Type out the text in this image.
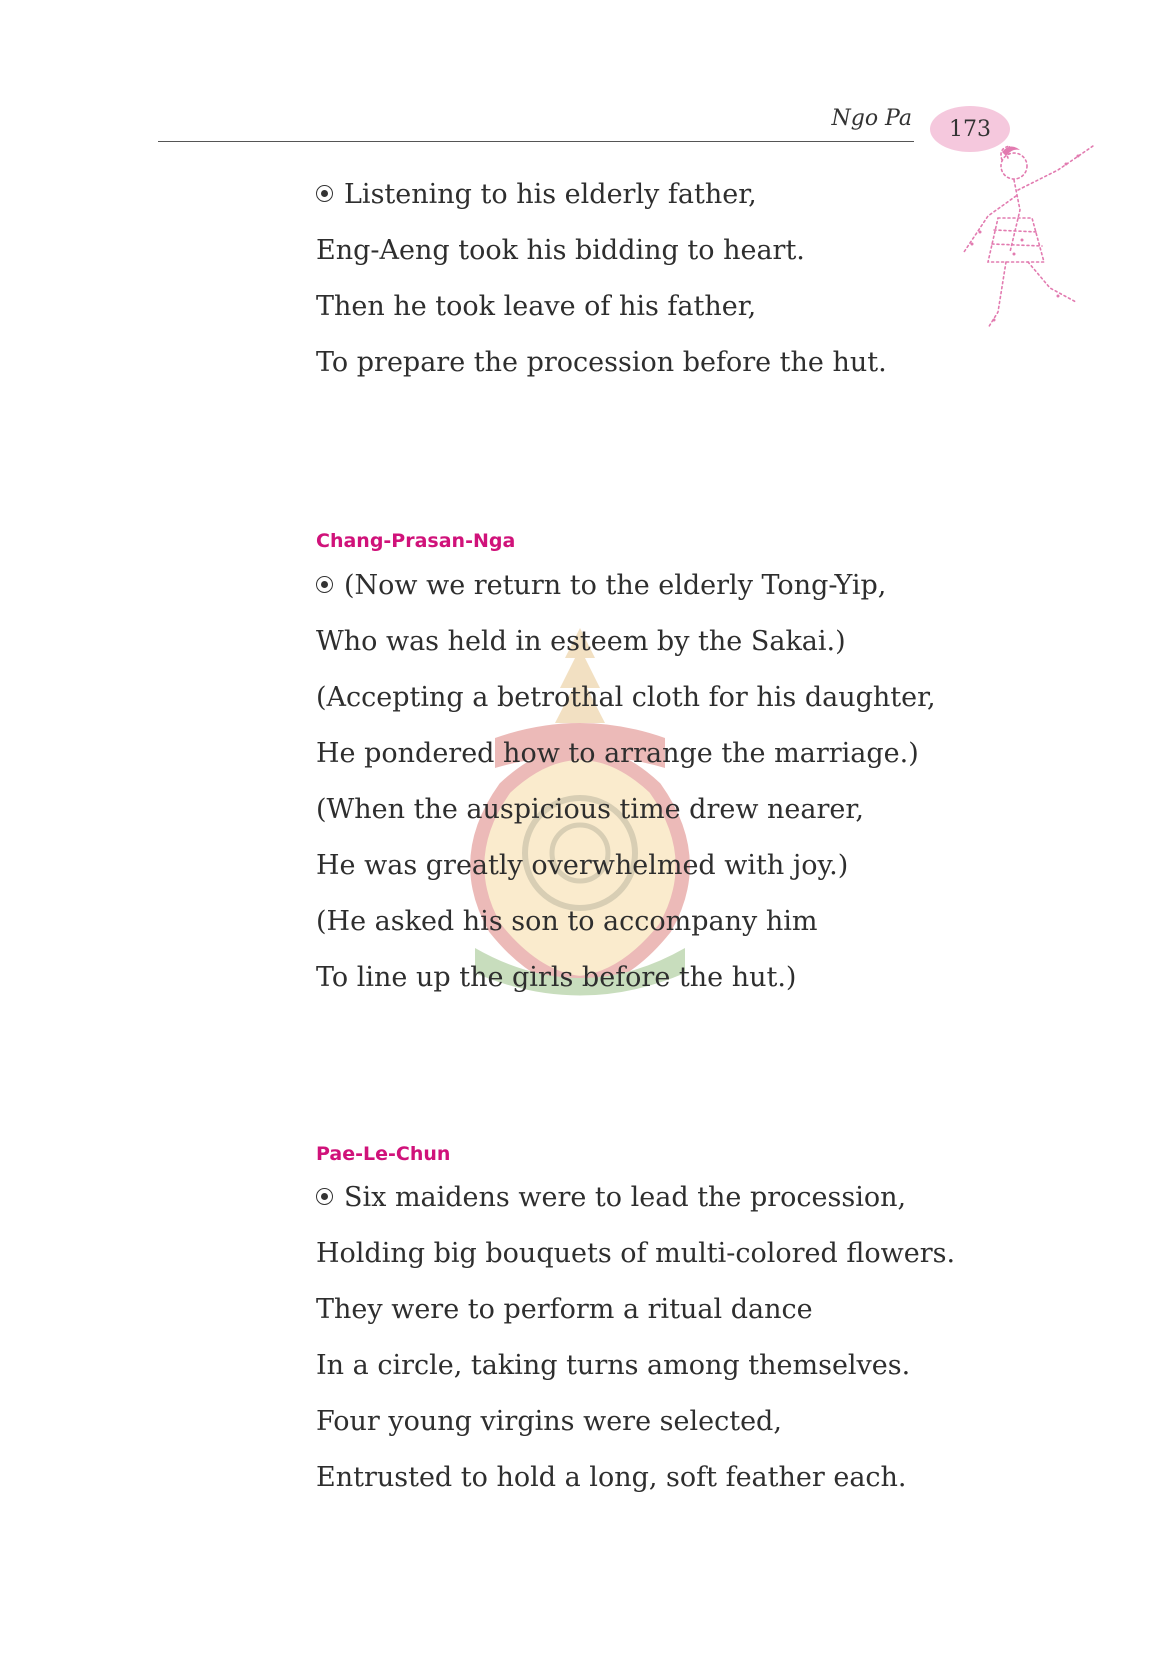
Ngo Pa	173
Listening to his elderly father,
Eng-Aeng took his bidding to heart.
Then he took leave of his father,
To prepare the procession before the hut.
Chang-Prasan-Nga
(Now we return to the elderly Tong-Yip,
Who was held in esteem by the Sakai.)
(Accepting a betrothal cloth for his daughter,
He pondered how to arrange the marriage.)
(When the auspicious time drew nearer,
He was greatly overwhelmed with joy.)
(He asked his son to accompany him
To line up the girls before the hut.)
Pae-Le-Chun
Six maidens were to lead the procession,
Holding big bouquets of multi-colored flowers.
They were to perform a ritual dance
In a circle, taking turns among themselves.
Four young virgins were selected,
Entrusted to hold a long, soft feather each.
